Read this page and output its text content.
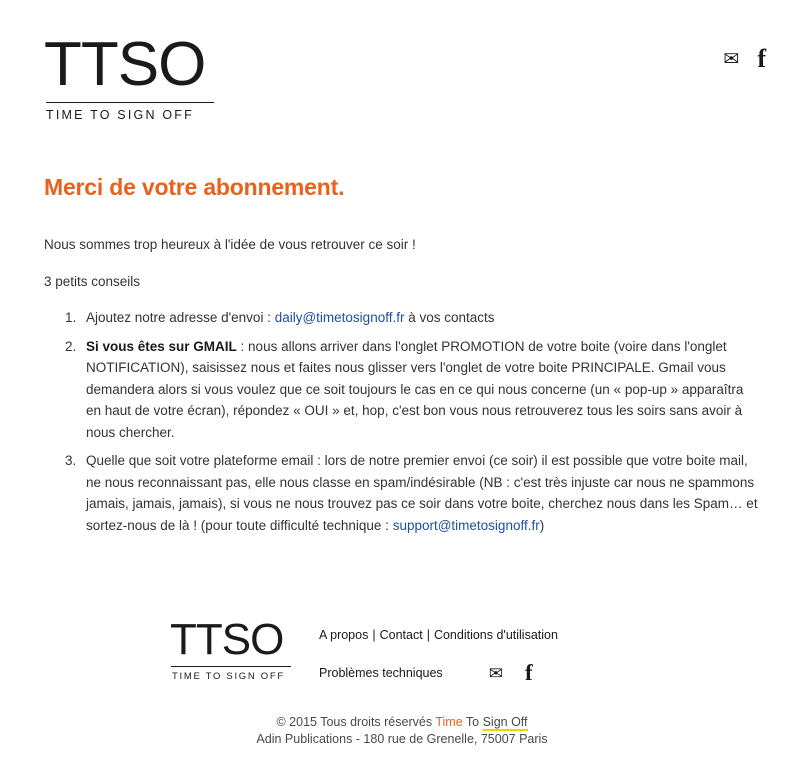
TTSO
TIME TO SIGN OFF
✉ f
Merci de votre abonnement.

Nous sommes trop heureux à l'idée de vous retrouver ce soir !

3 petits conseils

1. Ajoutez notre adresse d'envoi : daily@timetosignoff.fr à vos contacts
2. Si vous êtes sur GMAIL : nous allons arriver dans l'onglet PROMOTION de votre boite (voire dans l'onglet NOTIFICATION), saisissez nous et faites nous glisser vers l'onglet de votre boite PRINCIPALE. Gmail vous demandera alors si vous voulez que ce soit toujours le cas en ce qui nous concerne (un « pop-up » apparaîtra en haut de votre écran), répondez « OUI » et, hop, c'est bon vous nous retrouverez tous les soirs sans avoir à nous chercher.
3. Quelle que soit votre plateforme email : lors de notre premier envoi (ce soir) il est possible que votre boite mail, ne nous reconnaissant pas, elle nous classe en spam/indésirable (NB : c'est très injuste car nous ne spammons jamais, jamais, jamais), si vous ne nous trouvez pas ce soir dans votre boite, cherchez nous dans les Spam… et sortez-nous de là ! (pour toute difficulté technique : support@timetosignoff.fr)
TTSO
TIME TO SIGN OFF
A propos | Contact | Conditions d'utilisation
Problèmes techniques	✉ f
© 2015 Tous droits réservés Time To Sign Off
Adin Publications - 180 rue de Grenelle, 75007 Paris
